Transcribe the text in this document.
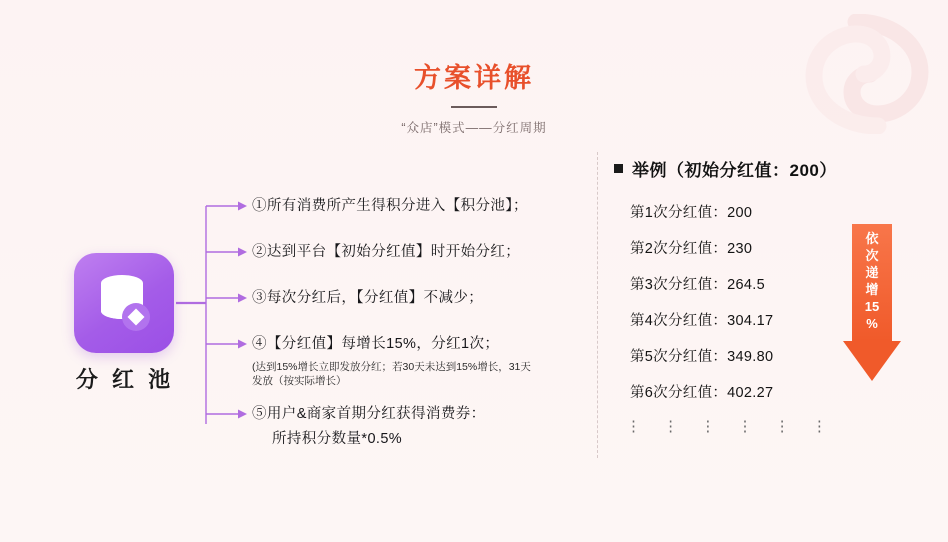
方案详解
“众店”模式——分红周期
分 红 池
①所有消费所产生得积分进入【积分池】；
②达到平台【初始分红值】时开始分红；
③每次分红后，【分红值】不减少；
④【分红值】每增长15%，分红1次；
(达到15%增长立即发放分红；若30天未达到15%增长，31天发放（按实际增长）
⑤用户&商家首期分红获得消费券：
所持积分数量*0.5%
举例（初始分红值：200）
第1次分红值：200
第2次分红值：230
第3次分红值：264.5
第4次分红值：304.17
第5次分红值：349.80
第6次分红值：402.27
⋮ ⋮ ⋮ ⋮ ⋮ ⋮
依
次
递
增
15
%
